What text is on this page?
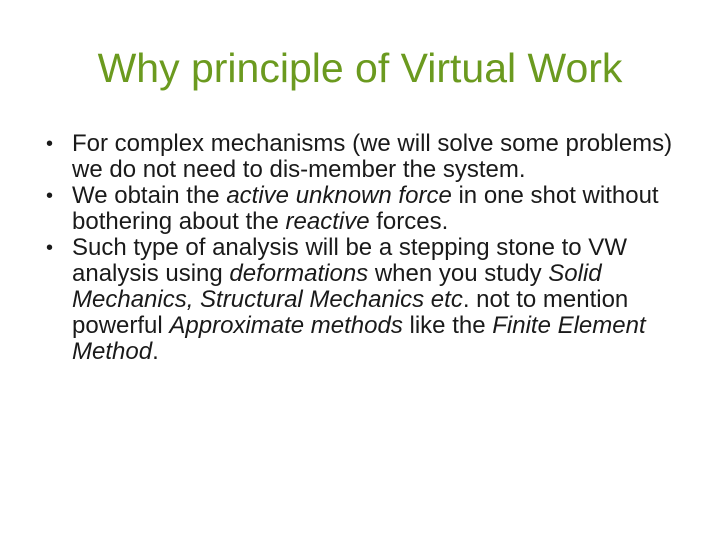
Why principle of Virtual Work
• For complex mechanisms (we will solve some problems) we do not need to dis-member the system.
• We obtain the active unknown force in one shot without bothering about the reactive forces.
• Such type of analysis will be a stepping stone to VW analysis using deformations when you study Solid Mechanics, Structural Mechanics etc. not to mention powerful Approximate methods like the Finite Element Method.
